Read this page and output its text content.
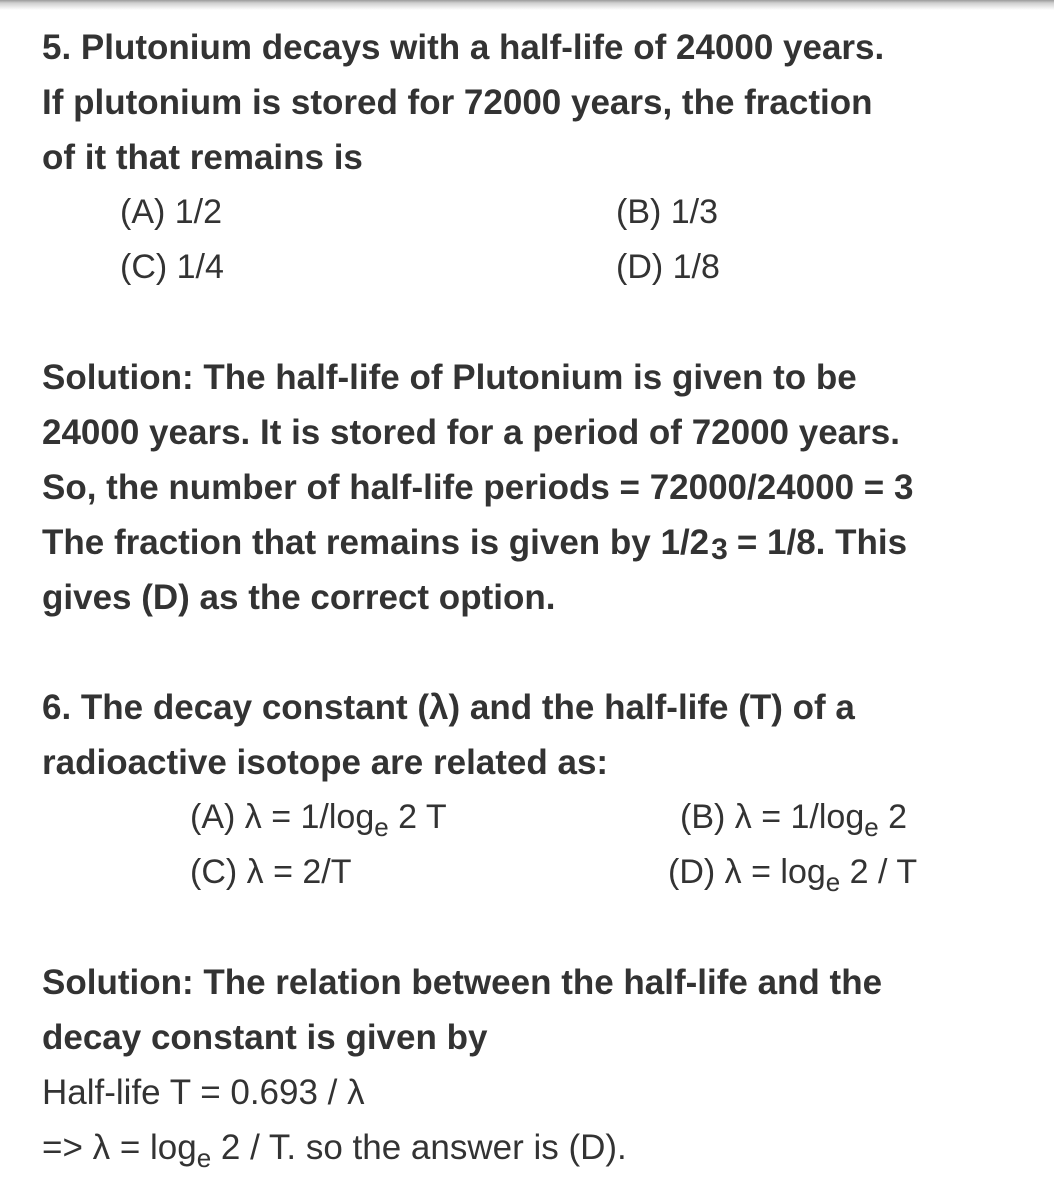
5. Plutonium decays with a half-life of 24000 years.
If plutonium is stored for 72000 years, the fraction
of it that remains is
(A) 1/2	(B) 1/3
(C) 1/4	(D) 1/8
Solution: The half-life of Plutonium is given to be
24000 years. It is stored for a period of 72000 years.
So, the number of half-life periods = 72000/24000 = 3
The fraction that remains is given by 1/2 3 = 1/8. This
gives (D) as the correct option.
6. The decay constant (λ) and the half-life (T) of a
radioactive isotope are related as:
(A) $\lambda = 1/\log_e$ 2 T	(B) $\lambda = 1/\log_e$ 2
(C) λ = 2/T	(D) $\lambda = \log_e 2 / T$
Solution: The relation between the half-life and the
decay constant is given by
Half-life T = 0.693 / λ
=> $\lambda = \log_e 2 / T$. so the answer is (D).
